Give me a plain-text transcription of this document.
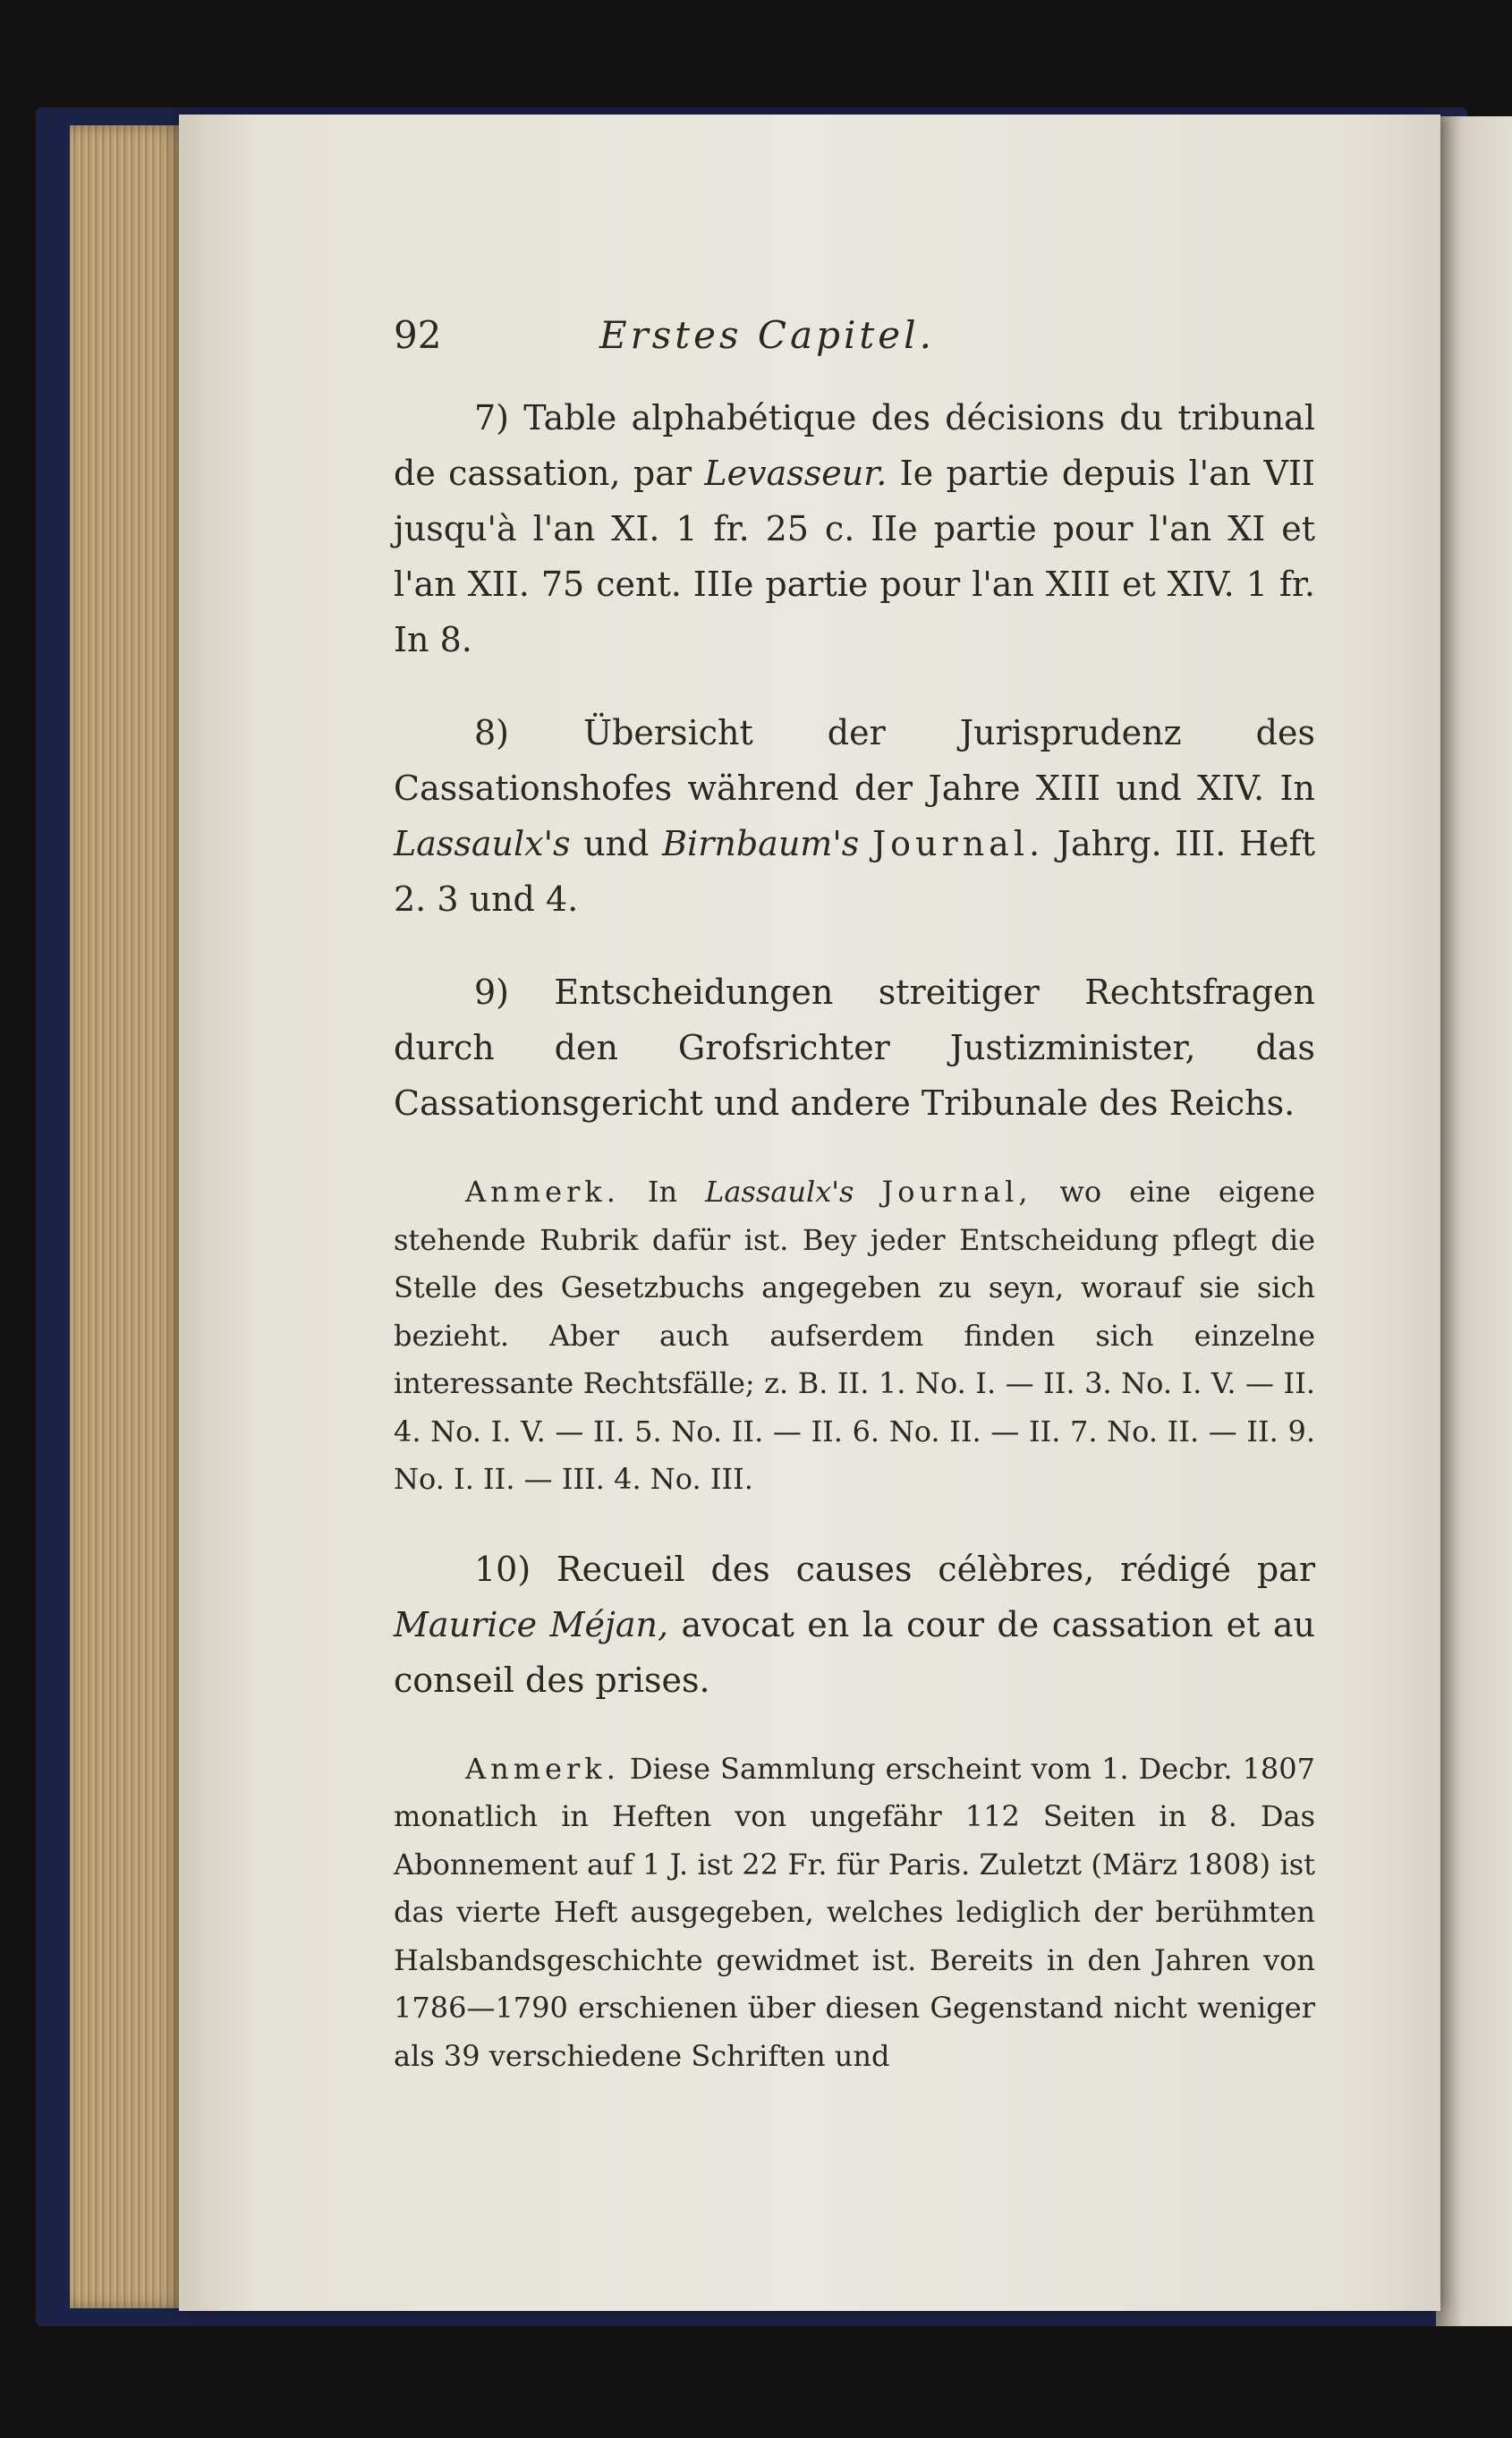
92	Erstes Capitel.

7) Table alphabétique des décisions du tribunal de cassation, par Levasseur. Ie partie depuis l'an VII jusqu'à l'an XI. 1 fr. 25 c. IIe partie pour l'an XI et l'an XII. 75 cent. IIIe partie pour l'an XIII et XIV. 1 fr. In 8.

8) Übersicht der Jurisprudenz des Cassationshofes während der Jahre XIII und XIV. In Lassaulx's und Birnbaum's Journal. Jahrg. III. Heft 2. 3 und 4.

9) Entscheidungen streitiger Rechtsfragen durch den Grofsrichter Justizminister, das Cassationsgericht und andere Tribunale des Reichs.

Anmerk. In Lassaulx's Journal, wo eine eigene stehende Rubrik dafür ist. Bey jeder Entscheidung pflegt die Stelle des Gesetzbuchs angegeben zu seyn, worauf sie sich bezieht. Aber auch aufserdem finden sich einzelne interessante Rechtsfälle; z. B. II. 1. No. I. — II. 3. No. I. V. — II. 4. No. I. V. — II. 5. No. II. — II. 6. No. II. — II. 7. No. II. — II. 9. No. I. II. — III. 4. No. III.

10) Recueil des causes célèbres, rédigé par Maurice Méjan, avocat en la cour de cassation et au conseil des prises.

Anmerk. Diese Sammlung erscheint vom 1. Decbr. 1807 monatlich in Heften von ungefähr 112 Seiten in 8. Das Abonnement auf 1 J. ist 22 Fr. für Paris. Zuletzt (März 1808) ist das vierte Heft ausgegeben, welches lediglich der berühmten Halsbandsgeschichte gewidmet ist. Bereits in den Jahren von 1786—1790 erschienen über diesen Gegenstand nicht weniger als 39 verschiedene Schriften und
